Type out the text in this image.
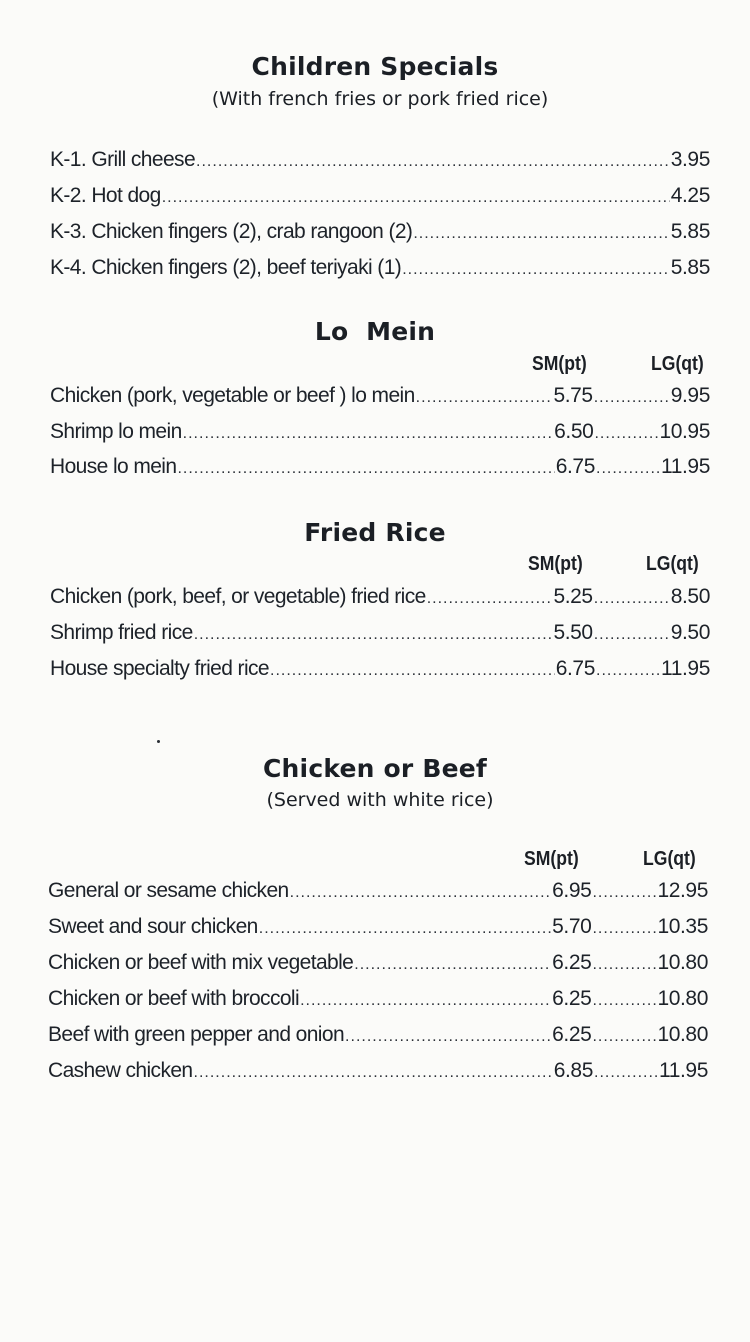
Children Specials
(With french fries or pork fried rice)
K-1. Grill cheese .....	3.95
K-2. Hot dog .....	4.25
K-3. Chicken fingers (2), crab rangoon (2) .....	5.85
K-4. Chicken fingers (2), beef teriyaki (1) .....	5.85
Lo  Mein
SM(pt)	LG(qt)
Chicken (pork, vegetable or beef ) lo mein .....	5.75 .....	9.95
Shrimp lo mein .....	6.50 .....	10.95
House lo mein .....	6.75 .....	11.95
Fried Rice
SM(pt)	LG(qt)
Chicken (pork, beef, or vegetable) fried rice .....	5.25 .....	8.50
Shrimp fried rice .....	5.50 .....	9.50
House specialty fried rice .....	6.75 .....	11.95
Chicken or Beef
(Served with white rice)
SM(pt)	LG(qt)
General or sesame chicken .....	6.95 .....	12.95
Sweet and sour chicken .....	5.70 .....	10.35
Chicken or beef with mix vegetable .....	6.25 .....	10.80
Chicken or beef with broccoli .....	6.25 .....	10.80
Beef with green pepper and onion .....	6.25 .....	10.80
Cashew chicken .....	6.85 .....	11.95
